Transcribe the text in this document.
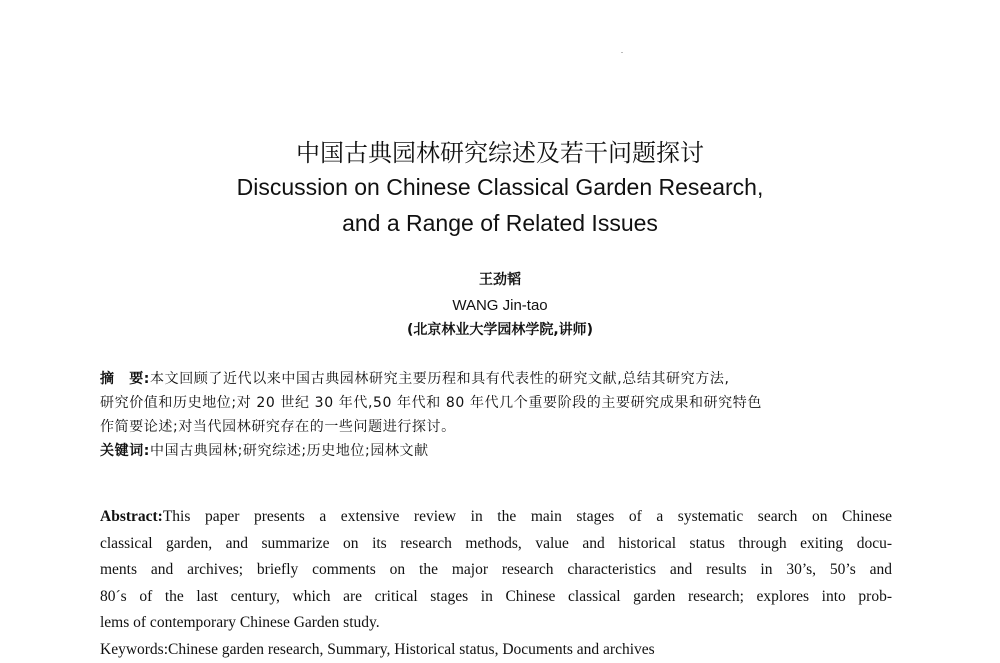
中国古典园林研究综述及若干问题探讨
Discussion on Chinese Classical Garden Research,
and a Range of Related Issues
王劲韬
WANG Jin-tao
(北京林业大学园林学院,讲师)
摘　要:本文回顾了近代以来中国古典园林研究主要历程和具有代表性的研究文献,总结其研究方法,
研究价值和历史地位;对 20 世纪 30 年代,50 年代和 80 年代几个重要阶段的主要研究成果和研究特色
作简要论述;对当代园林研究存在的一些问题进行探讨。
关键词:中国古典园林;研究综述;历史地位;园林文献
Abstract:This paper presents a extensive review in the main stages of a systematic search on Chinese
classical garden, and summarize on its research methods, value and historical status through exiting docu-
ments and archives; briefly comments on the major research characteristics and results in 30’s, 50’s and
80´s of the last century, which are critical stages in Chinese classical garden research; explores into prob-
lems of contemporary Chinese Garden study.
Keywords:Chinese garden research, Summary, Historical status, Documents and archives
